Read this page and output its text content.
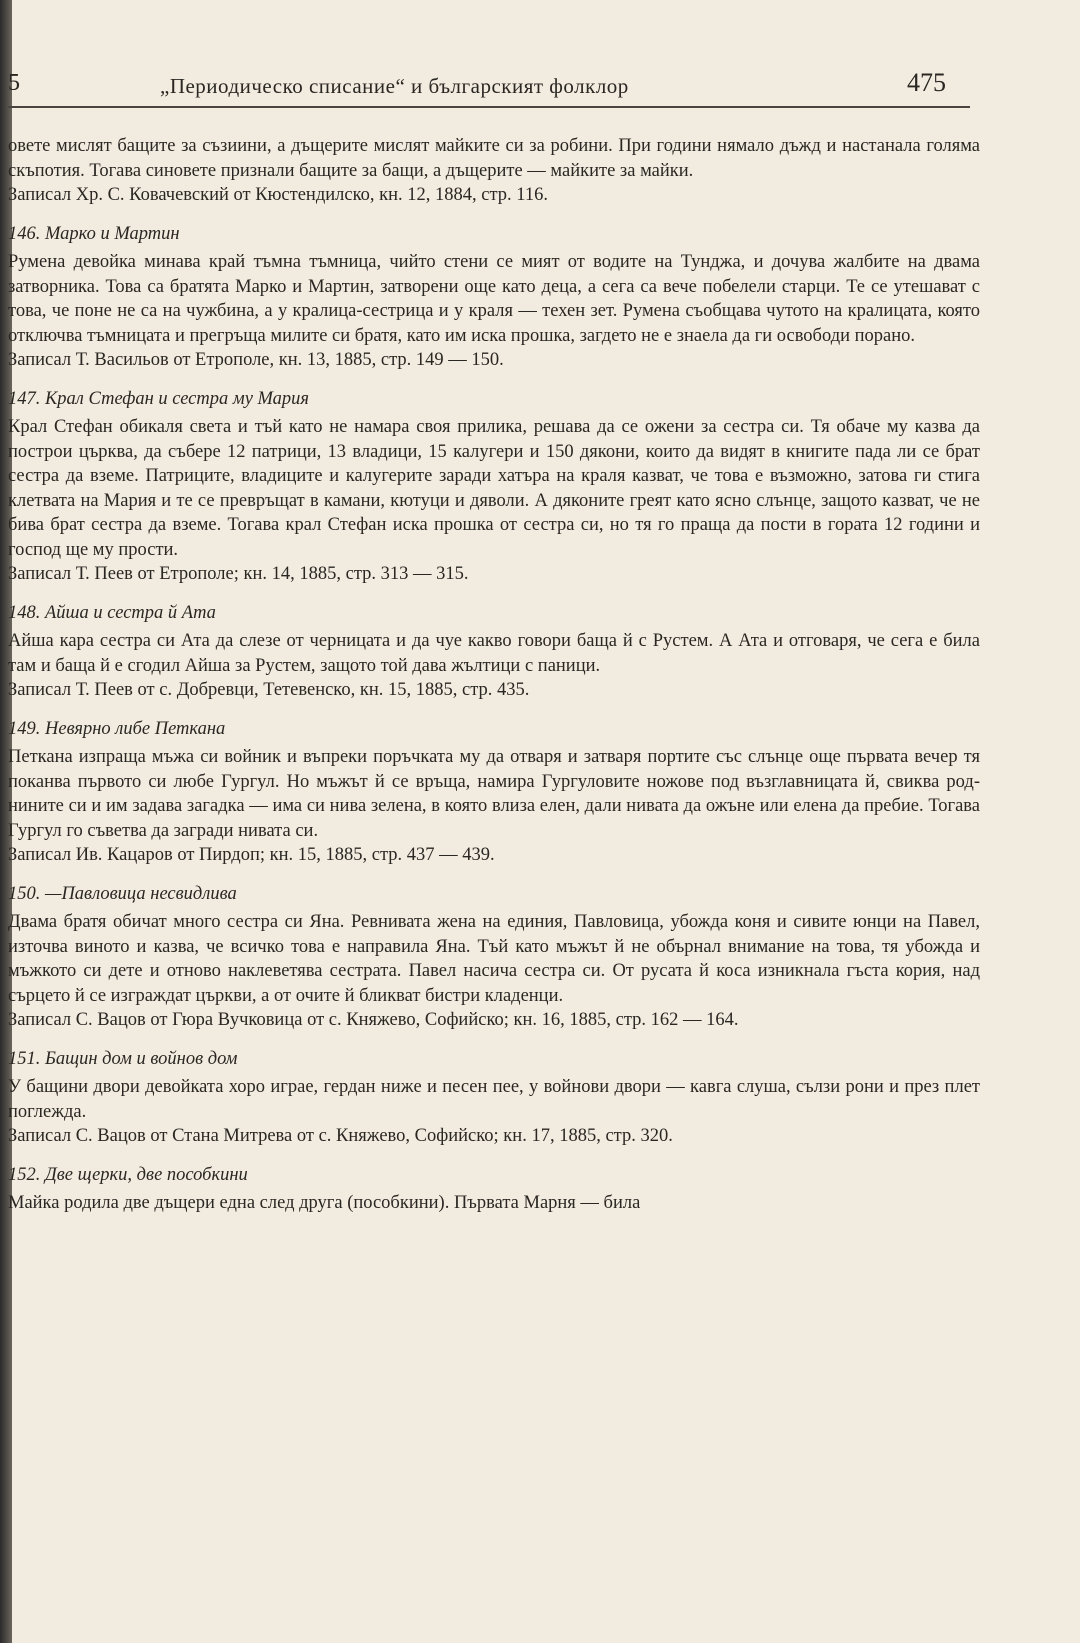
5	„Периодическо списание“ и българският фолклор	475

овете мислят бащите за съзиини, а дъщерите мислят майките си за робини. При години нямало дъжд и настанала голяма скъпотия. Тогава синовете признали бащите за бащи, а дъщерите — майките за майки.

Записал Хр. С. Ковачевский от Кюстендилско, кн. 12, 1884, стр. 116.

146. Марко и Мартин

Румена девойка минава край тъмна тъмница, чийто стени се мият от водите на Тунджа, и дочува жалбите на двама затворника. Това са братята Марко и Мартин, затворени още като деца, а сега са вече побелели старци. Те се утешават с това, че поне не са на чужбина, а у кралица-сестрица и у краля — техен зет. Румена съобщава чутото на кралицата, която отключва тъмницата и прегръща милите си братя, като им иска прошка, загдето не е знаела да ги освободи порано.

Записал Т. Васильов от Етрополе, кн. 13, 1885, стр. 149 — 150.

147. Крал Стефан и сестра му Мария

Крал Стефан обикаля света и тъй като не намара своя прилика, решава да се ожени за сестра си. Тя обаче му казва да построи църква, да събере 12 патрици, 13 владици, 15 калугери и 150 дякони, които да видят в книгите пада ли се брат сестра да вземе. Патриците, владиците и калугерите заради хатъра на краля казват, че това е възможно, затова ги стига клетвата на Мария и те се превръщат в камани, кютуци и дяволи. А дяконите греят като ясно слънце, защото казват, че не бива брат сестра да вземе. Тогава крал Стефан иска прошка от сестра си, но тя го праща да пости в гората 12 години и господ ще му прости.

Записал Т. Пеев от Етрополе; кн. 14, 1885, стр. 313 — 315.

148. Айша и сестра й Ата

Айша кара сестра си Ата да слезе от черницата и да чуе какво говори баща й с Рустем. А Ата и отговаря, че сега е била там и баща й е сгодил Айша за Рустем, защото той дава жълтици с паници.

Записал Т. Пеев от с. Добревци, Тетевенско, кн. 15, 1885, стр. 435.

149. Невярно либе Петкана

Петкана изпраща мъжа си войник и въпреки поръчката му да отваря и затваря портите със слънце още първата вечер тя поканва първото си любе Гургул. Но мъжът й се връща, намира Гургуловите ножове под възглавницата й, свиква роднините си и им задава загадка — има си нива зелена, в която влиза елен, дали нивата да ожъне или елена да пребие. Тогава Гургул го съветва да загради нивата си.

Записал Ив. Кацаров от Пирдоп; кн. 15, 1885, стр. 437 — 439.

150. —Павловица несвидлива

Двама братя обичат много сестра си Яна. Ревнивата жена на единия, Павловица, убожда коня и сивите юнци на Павел, източва виното и казва, че всичко това е направила Яна. Тъй като мъжът й не обърнал внимание на това, тя убожда и мъжкото си дете и отново наклеветява сестрата. Павел насича сестра си. От русата й коса изникнала гъста кория, над сърцето й се изграждат църкви, а от очите й бликват бистри кладенци.

Записал С. Вацов от Гюра Вучковица от с. Княжево, Софийско; кн. 16, 1885, стр. 162 — 164.

151. Бащин дом и войнов дом

У бащини двори девойката хоро играе, гердан нижe и песен пее, у войнови двори — кавга слуша, сълзи рони и през плет поглежда.

Записал С. Вацов от Стана Митрева от с. Княжево, Софийско; кн. 17, 1885, стр. 320.

152. Две щерки, две пособкини

Майка родила две дъщери една след друга (пособкини). Първата Марня — била
